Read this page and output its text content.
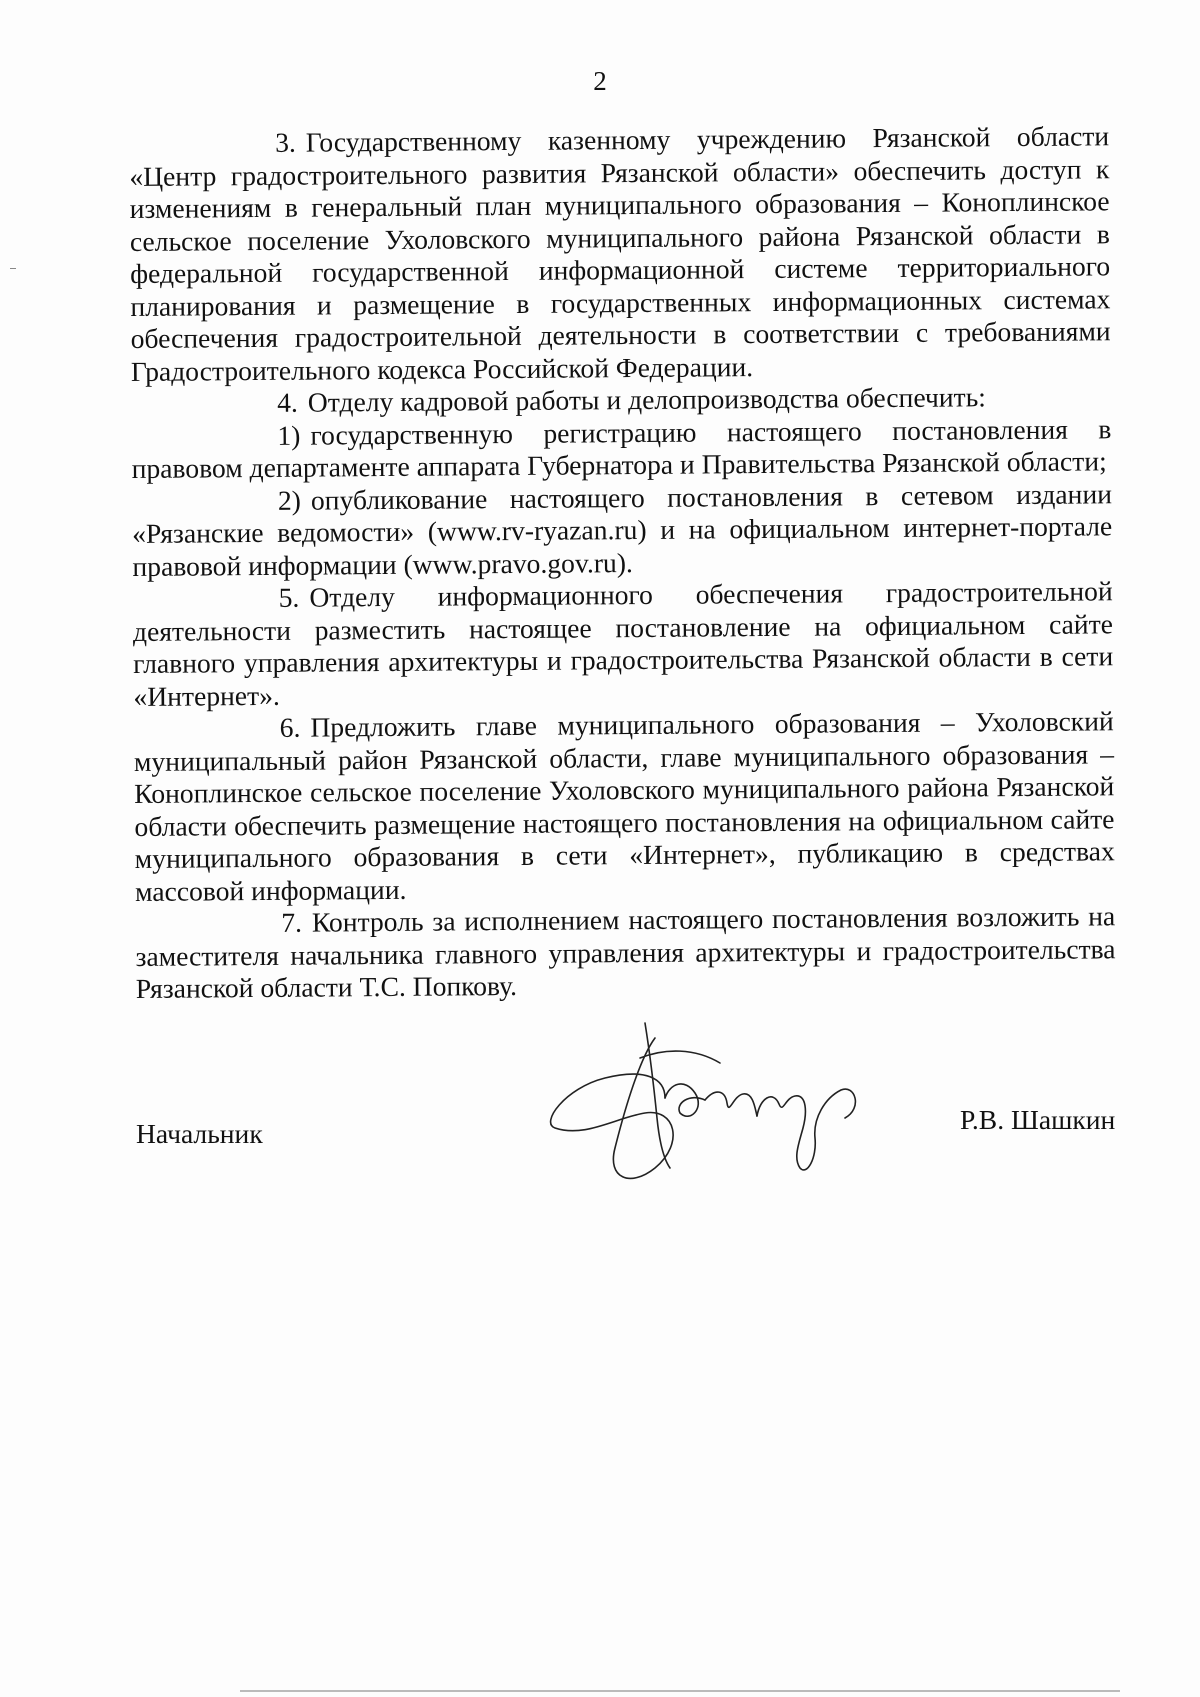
2

3. Государственному казенному учреждению Рязанской области «Центр градостроительного развития Рязанской области» обеспечить доступ к изменениям в генеральный план муниципального образования – Коноплинское сельское поселение Ухоловского муниципального района Рязанской области в федеральной государственной информационной системе территориального планирования и размещение в государственных информационных системах обеспечения градостроительной деятельности в соответствии с требованиями Градостроительного кодекса Российской Федерации.

4. Отделу кадровой работы и делопроизводства обеспечить:

1) государственную регистрацию настоящего постановления в правовом департаменте аппарата Губернатора и Правительства Рязанской области;

2) опубликование настоящего постановления в сетевом издании «Рязанские ведомости» (www.rv-ryazan.ru) и на официальном интернет-портале правовой информации (www.pravo.gov.ru).

5. Отделу информационного обеспечения градостроительной деятельности разместить настоящее постановление на официальном сайте главного управления архитектуры и градостроительства Рязанской области в сети «Интернет».

6. Предложить главе муниципального образования – Ухоловский муниципальный район Рязанской области, главе муниципального образования – Коноплинское сельское поселение Ухоловского муниципального района Рязанской области обеспечить размещение настоящего постановления на официальном сайте муниципального образования в сети «Интернет», публикацию в средствах массовой информации.

7. Контроль за исполнением настоящего постановления возложить на заместителя начальника главного управления архитектуры и градостроительства Рязанской области Т.С. Попкову.

Начальник	Р.В. Шашкин
